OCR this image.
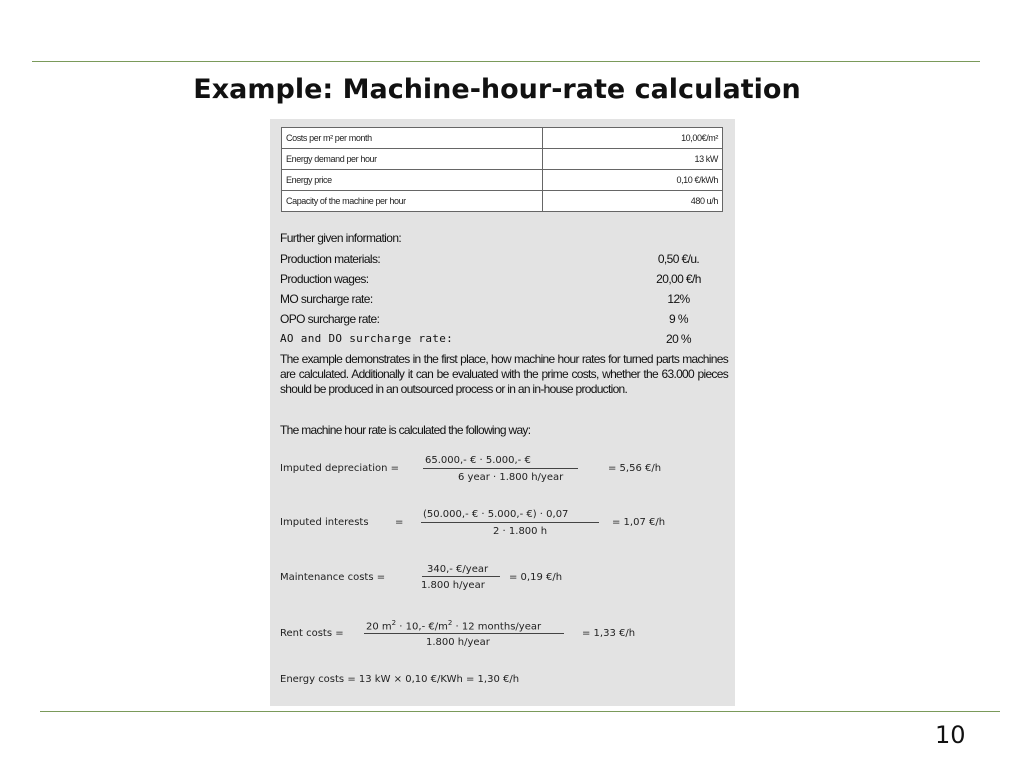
Example: Machine-hour-rate calculation
Costs per m² per month	10,00€/m²
Energy demand per hour	13 kW
Energy price	0,10 €/kWh
Capacity of the machine per hour	480 u/h
Further given information:
Production materials:	0,50 €/u.
Production wages:	20,00 €/h
MO surcharge rate:	12%
OPO surcharge rate:	9 %
AO and DO surcharge rate:	20 %
The example demonstrates in the first place, how machine hour rates for turned parts machines are calculated. Additionally it can be evaluated with the prime costs, whether the 63.000 pieces should be produced in an outsourced process or in an in-house production.
The machine hour rate is calculated the following way:
Imputed depreciation =
65.000,- € · 5.000,- €
6 year · 1.800 h/year
= 5,56 €/h
Imputed interests	=
(50.000,- € · 5.000,- €) · 0,07
2 · 1.800 h
= 1,07 €/h
Maintenance costs =
340,- €/year
1.800 h/year
= 0,19 €/h
Rent costs =
20 $m^2 \cdot 10,-$ $€/m^2 \cdot 12$ months/year
1.800 h/year
= 1,33 €/h
Energy costs = 13 kW × 0,10 €/KWh = 1,30 €/h
10
